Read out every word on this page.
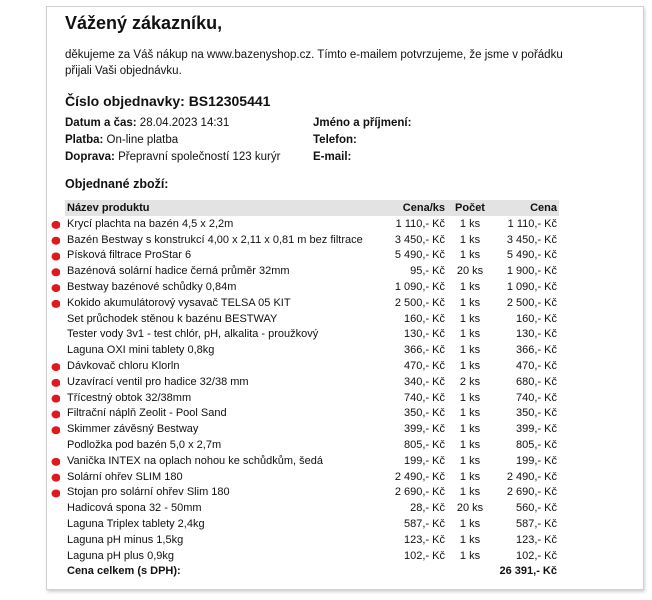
Vážený zákazníku,

děkujeme za Váš nákup na www.bazenyshop.cz. Tímto e-mailem potvrzujeme, že jsme v pořádku přijali Vaši objednávku.

Číslo objednavky: BS12305441
Datum a čas: 28.04.2023 14:31
Platba: On-line platba
Doprava: Přepravní společností 123 kurýr
Jméno a příjmení:
Telefon:
E-mail:
Objednané zboží:
Název produktu	Cena/ks	Počet	Cena
Krycí plachta na bazén 4,5 x 2,2m	1 110,- Kč	1 ks	1 110,- Kč
Bazén Bestway s konstrukcí 4,00 x 2,11 x 0,81 m bez filtrace	3 450,- Kč	1 ks	3 450,- Kč
Písková filtrace ProStar 6	5 490,- Kč	1 ks	5 490,- Kč
Bazénová solární hadice černá průměr 32mm	95,- Kč	20 ks	1 900,- Kč
Bestway bazénové schůdky 0,84m	1 090,- Kč	1 ks	1 090,- Kč
Kokido akumulátorový vysavač TELSA 05 KIT	2 500,- Kč	1 ks	2 500,- Kč
Set průchodek stěnou k bazénu BESTWAY	160,- Kč	1 ks	160,- Kč
Tester vody 3v1 - test chlór, pH, alkalita - proužkový	130,- Kč	1 ks	130,- Kč
Laguna OXI mini tablety 0,8kg	366,- Kč	1 ks	366,- Kč
Dávkovač chloru Klorln	470,- Kč	1 ks	470,- Kč
Uzavírací ventil pro hadice 32/38 mm	340,- Kč	2 ks	680,- Kč
Třícestný obtok 32/38mm	740,- Kč	1 ks	740,- Kč
Filtrační náplň Zeolit - Pool Sand	350,- Kč	1 ks	350,- Kč
Skimmer závěsný Bestway	399,- Kč	1 ks	399,- Kč
Podložka pod bazén 5,0 x 2,7m	805,- Kč	1 ks	805,- Kč
Vanička INTEX na oplach nohou ke schůdkům, šedá	199,- Kč	1 ks	199,- Kč
Solární ohřev SLIM 180	2 490,- Kč	1 ks	2 490,- Kč
Stojan pro solární ohřev Slim 180	2 690,- Kč	1 ks	2 690,- Kč
Hadicová spona 32 - 50mm	28,- Kč	20 ks	560,- Kč
Laguna Triplex tablety 2,4kg	587,- Kč	1 ks	587,- Kč
Laguna pH minus 1,5kg	123,- Kč	1 ks	123,- Kč
Laguna pH plus 0,9kg	102,- Kč	1 ks	102,- Kč
Cena celkem (s DPH):			26 391,- Kč
